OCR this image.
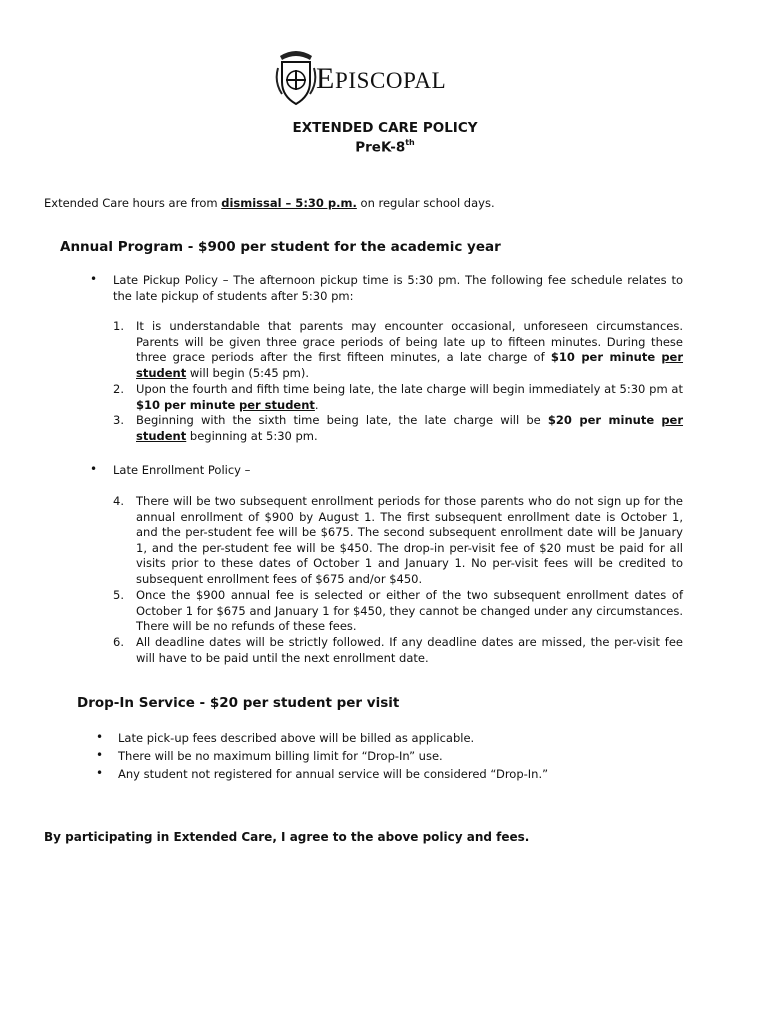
EPISCOPAL
EXTENDED CARE POLICY
PreK-8th
Extended Care hours are from dismissal – 5:30 p.m. on regular school days.
Annual Program - $900 per student for the academic year
• Late Pickup Policy – The afternoon pickup time is 5:30 pm. The following fee schedule relates to the late pickup of students after 5:30 pm:
1. It is understandable that parents may encounter occasional, unforeseen circumstances. Parents will be given three grace periods of being late up to fifteen minutes. During these three grace periods after the first fifteen minutes, a late charge of $10 per minute per student will begin (5:45 pm).
2. Upon the fourth and fifth time being late, the late charge will begin immediately at 5:30 pm at $10 per minute per student.
3. Beginning with the sixth time being late, the late charge will be $20 per minute per student beginning at 5:30 pm.
• Late Enrollment Policy –
4. There will be two subsequent enrollment periods for those parents who do not sign up for the annual enrollment of $900 by August 1. The first subsequent enrollment date is October 1, and the per-student fee will be $675. The second subsequent enrollment date will be January 1, and the per-student fee will be $450. The drop-in per-visit fee of $20 must be paid for all visits prior to these dates of October 1 and January 1. No per-visit fees will be credited to subsequent enrollment fees of $675 and/or $450.
5. Once the $900 annual fee is selected or either of the two subsequent enrollment dates of October 1 for $675 and January 1 for $450, they cannot be changed under any circumstances. There will be no refunds of these fees.
6. All deadline dates will be strictly followed. If any deadline dates are missed, the per-visit fee will have to be paid until the next enrollment date.
Drop-In Service - $20 per student per visit
• Late pick-up fees described above will be billed as applicable.
• There will be no maximum billing limit for “Drop-In” use.
• Any student not registered for annual service will be considered “Drop-In.”
By participating in Extended Care, I agree to the above policy and fees.
